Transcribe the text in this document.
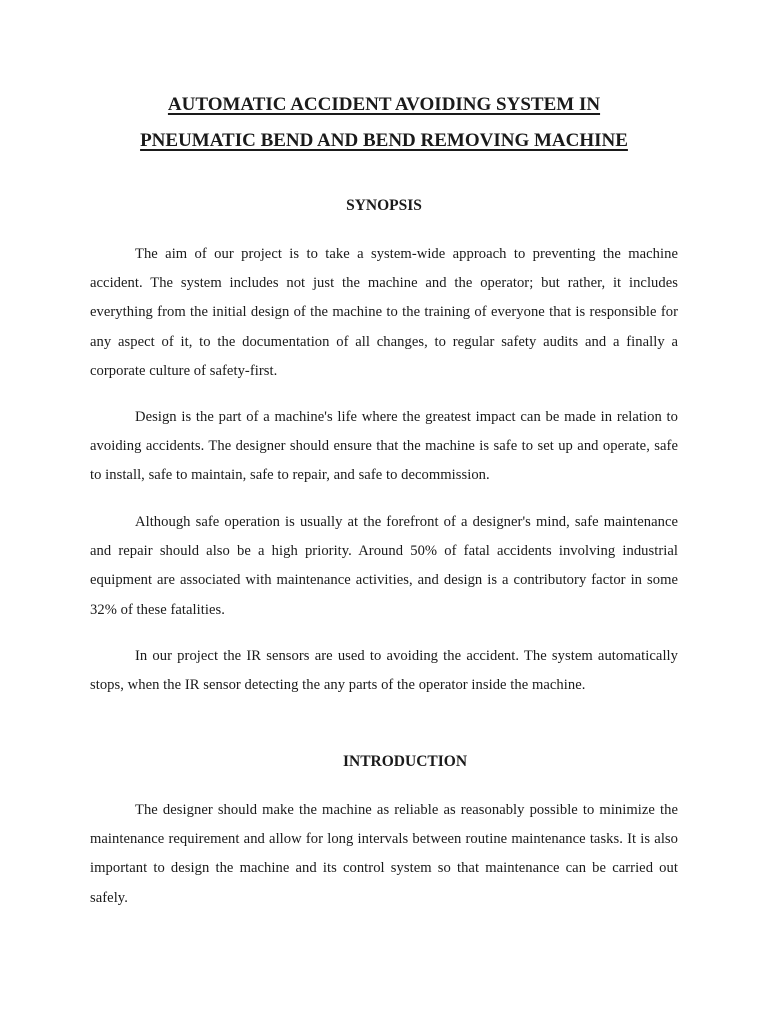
AUTOMATIC ACCIDENT AVOIDING SYSTEM IN
PNEUMATIC BEND AND BEND REMOVING MACHINE
SYNOPSIS

The aim of our project is to take a system-wide approach to preventing the machine accident. The system includes not just the machine and the operator; but rather, it includes everything from the initial design of the machine to the training of everyone that is responsible for any aspect of it, to the documentation of all changes, to regular safety audits and a finally a corporate culture of safety-first.

Design is the part of a machine's life where the greatest impact can be made in relation to avoiding accidents. The designer should ensure that the machine is safe to set up and operate, safe to install, safe to maintain, safe to repair, and safe to decommission.

Although safe operation is usually at the forefront of a designer's mind, safe maintenance and repair should also be a high priority. Around 50% of fatal accidents involving industrial equipment are associated with maintenance activities, and design is a contributory factor in some 32% of these fatalities.

In our project the IR sensors are used to avoiding the accident. The system automatically stops, when the IR sensor detecting the any parts of the operator inside the machine.

INTRODUCTION

The designer should make the machine as reliable as reasonably possible to minimize the maintenance requirement and allow for long intervals between routine maintenance tasks. It is also important to design the machine and its control system so that maintenance can be carried out safely.
